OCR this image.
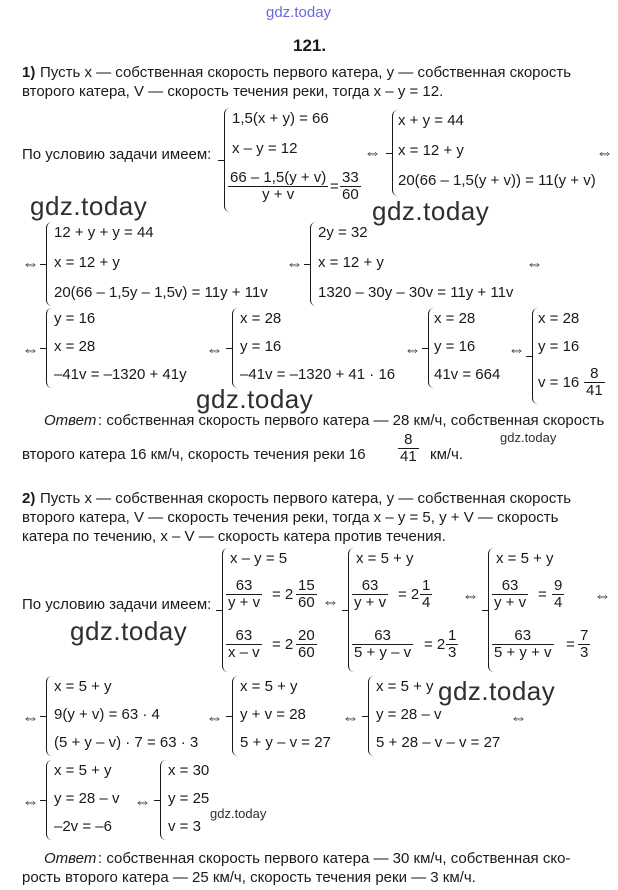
gdz.today
121.
1) Пусть x — собственная скорость первого катера, y — собственная скорость
второго катера, V — скорость течения реки, тогда x – y = 12.
По условию задачи имеем:
1,5(x + y) = 66
x – y = 12
$\frac{66 - 1,5(y + v)}{y + v} = \frac{33}{60}$
⇔
x + y = 44
x = 12 + y
20(66 – 1,5(y + v)) = 11(y + v)
⇔
gdz.today	gdz.today
⇔
12 + y + y = 44
x = 12 + y
20(66 – 1,5y – 1,5v) = 11y + 11v
⇔
2y = 32
x = 12 + y
1320 – 30y – 30v = 11y + 11v
⇔
⇔
y = 16
x = 28
–41v = –1320 + 41y
⇔
x = 28
y = 16
–41v = –1320 + 41 · 16
⇔
x = 28
y = 16
41v = 664
⇔
x = 28
y = 16
$v = 16 \frac{8}{41}$
gdz.today
Ответ : собственная скорость первого катера — 28 км/ч, собственная скорость
gdz.today
второго катера 16 км/ч, скорость течения реки $16 \frac{8}{41} км/ч$.
2) Пусть x — собственная скорость первого катера, y — собственная скорость
второго катера, V — скорость течения реки, тогда x – y = 5, y + V — скорость
катера по течению, x – V — скорость катера против течения.
По условию задачи имеем:
x – y = 5
$\frac{63}{y + v} = 2 \frac{15}{60}$
$\frac{63}{x - v} = 2 \frac{20}{60}$
⇔
x = 5 + y
$\frac{63}{y + v} = 2 \frac{1}{4}$
$\frac{63}{5 + y - v} = 2 \frac{1}{3}$
⇔
x = 5 + y
$\frac{63}{y + v} = \frac{9}{4}$
$\frac{63}{5 + y + v} = \frac{7}{3}$
⇔
gdz.today
gdz.today
⇔
x = 5 + y
9(y + v) = 63 · 4
(5 + y – v) · 7 = 63 · 3
⇔
x = 5 + y
y + v = 28
5 + y – v = 27
⇔
x = 5 + y
y = 28 – v
5 + 28 – v – v = 27
⇔
⇔
x = 5 + y
y = 28 – v
–2v = –6
⇔
x = 30
y = 25
v = 3
gdz.today
Ответ : собственная скорость первого катера — 30 км/ч, собственная ско-
рость второго катера — 25 км/ч, скорость течения реки — 3 км/ч.
